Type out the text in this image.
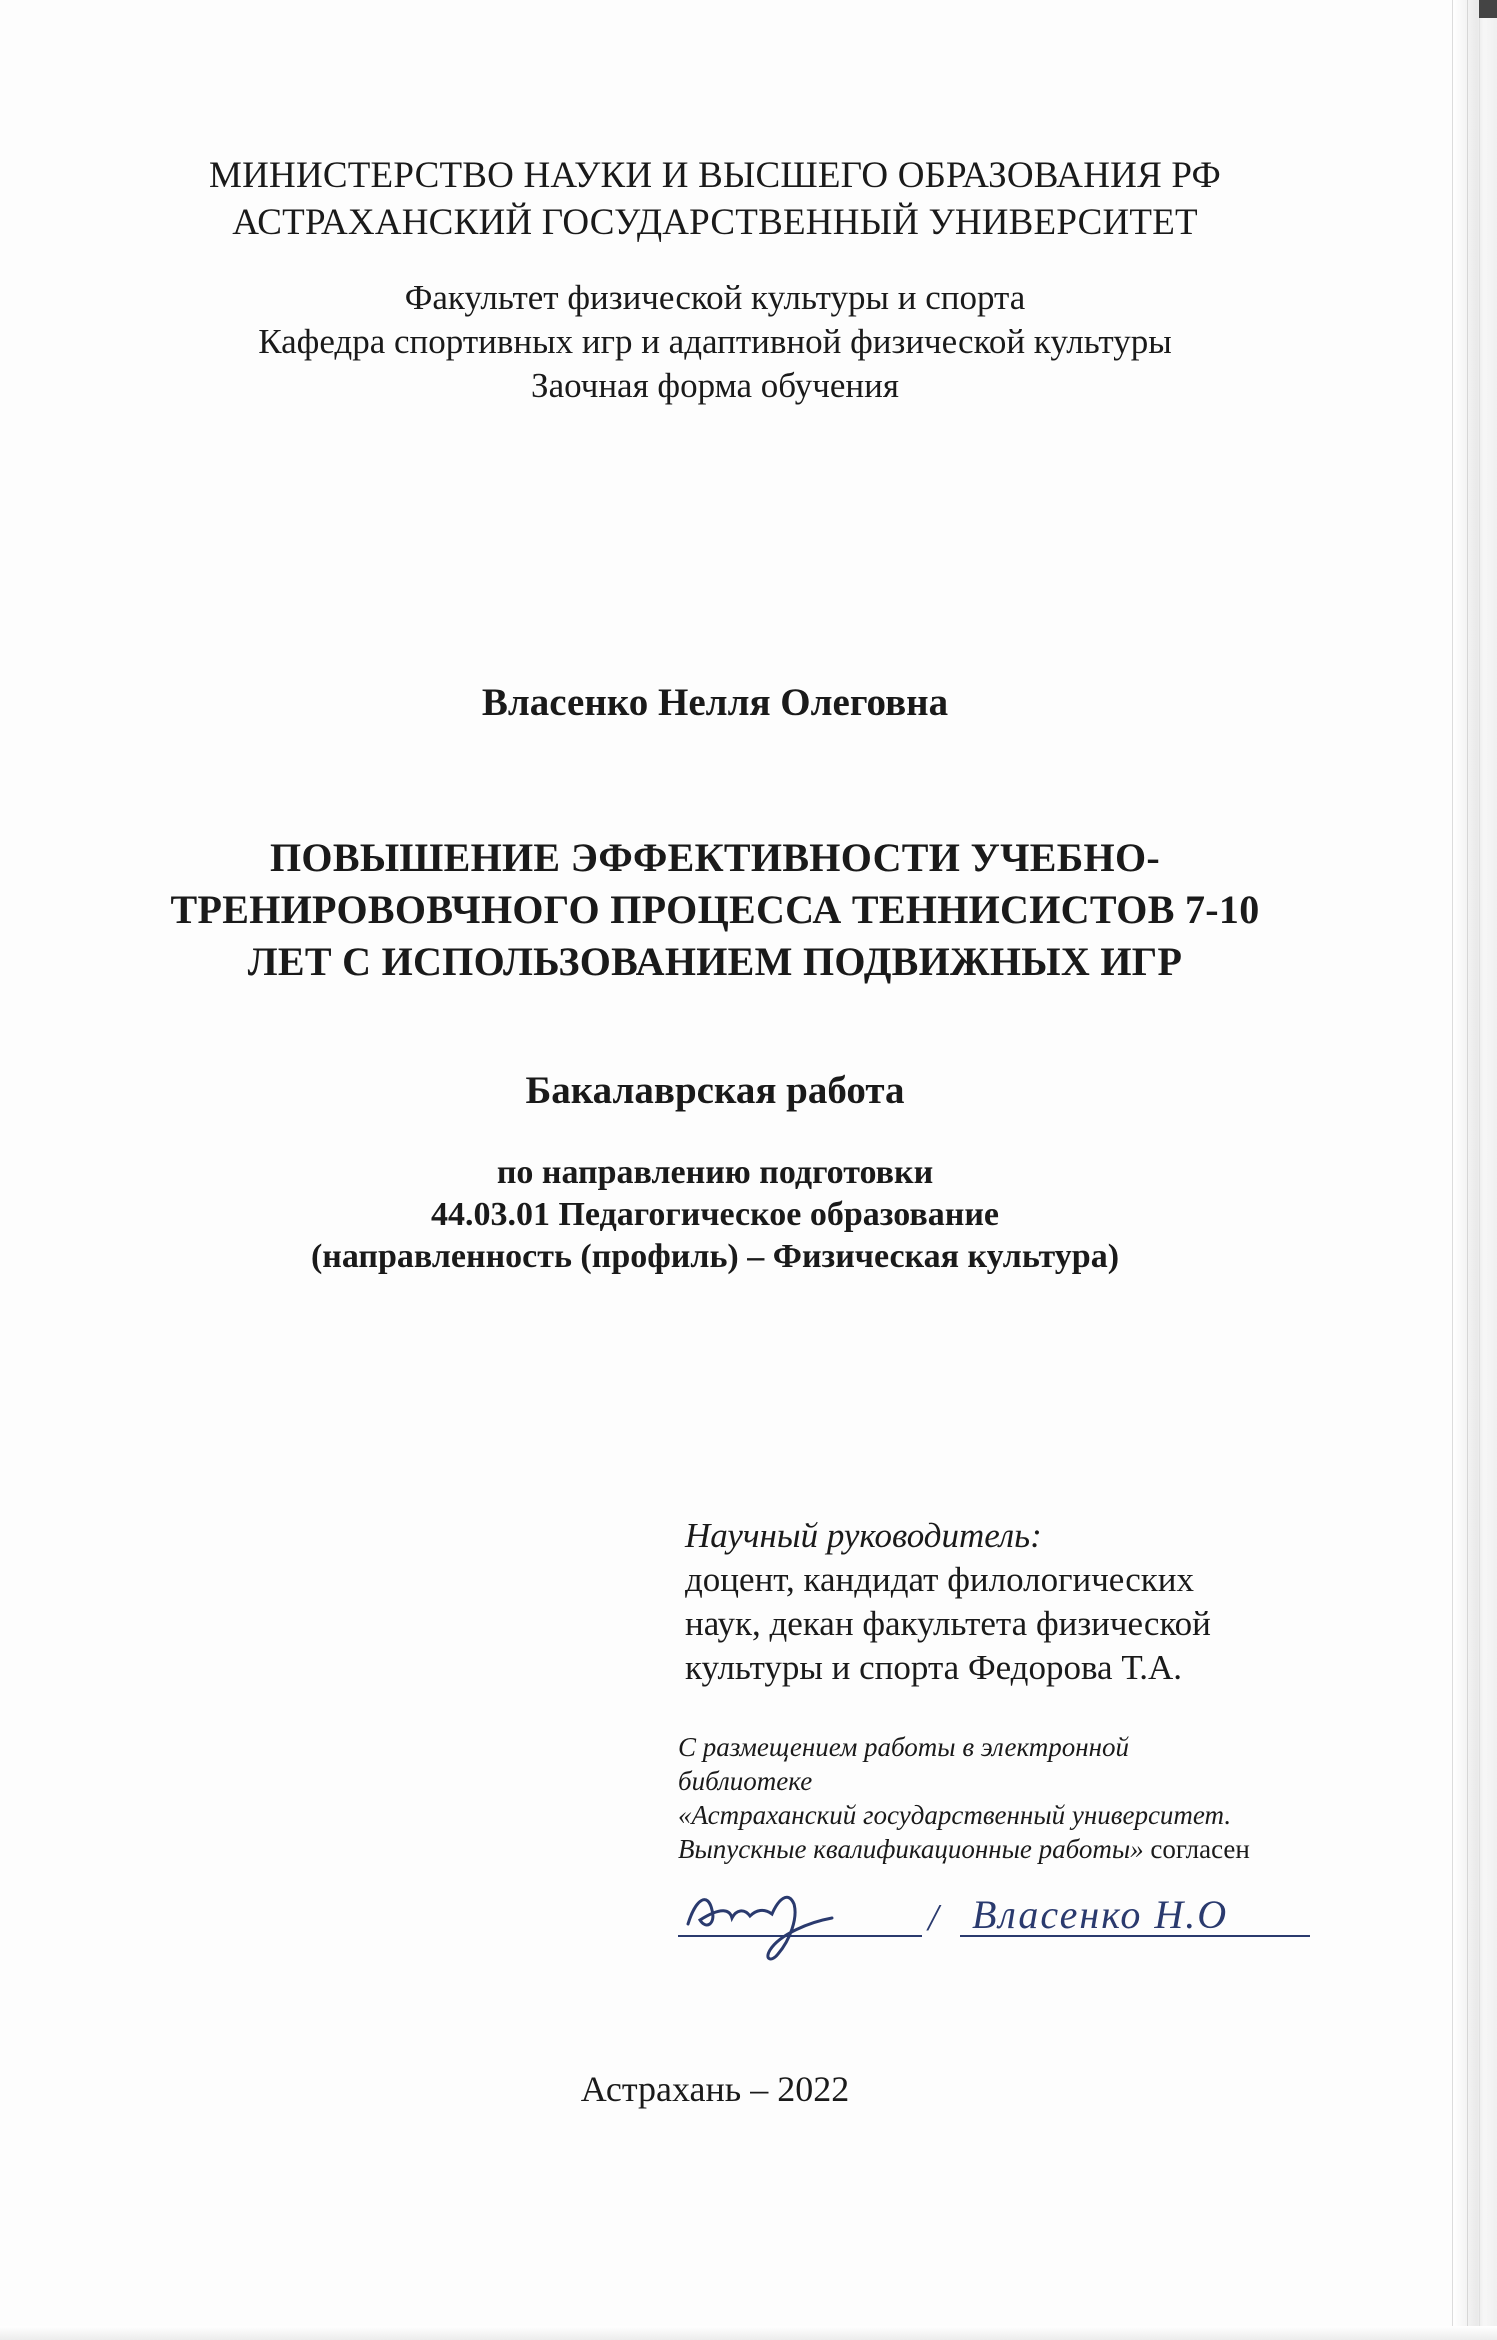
МИНИСТЕРСТВО НАУКИ И ВЫСШЕГО ОБРАЗОВАНИЯ РФ
АСТРАХАНСКИЙ ГОСУДАРСТВЕННЫЙ УНИВЕРСИТЕТ
Факультет физической культуры и спорта
Кафедра спортивных игр и адаптивной физической культуры
Заочная форма обучения
Власенко Нелля Олеговна
ПОВЫШЕНИЕ ЭФФЕКТИВНОСТИ УЧЕБНО-
ТРЕНИРОВОВЧНОГО ПРОЦЕССА ТЕННИСИСТОВ 7-10
ЛЕТ С ИСПОЛЬЗОВАНИЕМ ПОДВИЖНЫХ ИГР
Бакалаврская работа
по направлению подготовки
44.03.01 Педагогическое образование
(направленность (профиль) – Физическая культура)
Научный руководитель:
доцент, кандидат филологических
наук, декан факультета физической
культуры и спорта Федорова Т.А.
С размещением работы в электронной
библиотеке
«Астраханский государственный университет.
Выпускные квалификационные работы» согласен
/ Власенко Н.О
Астрахань – 2022
